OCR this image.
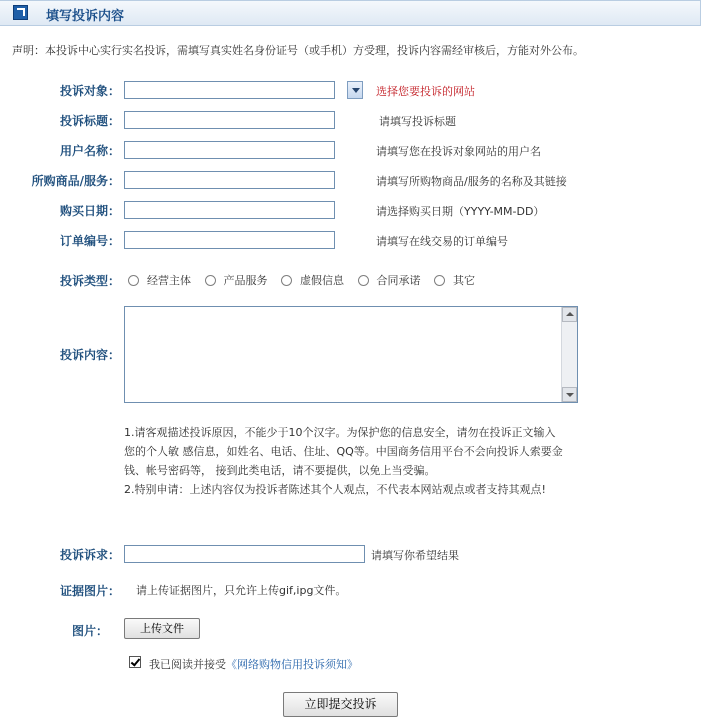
填写投诉内容
声明：本投诉中心实行实名投诉，需填写真实姓名身份证号（或手机）方受理，投诉内容需经审核后，方能对外公布。
投诉对象：	选择您要投诉的网站
投诉标题：	请填写投诉标题
用户名称：	请填写您在投诉对象网站的用户名
所购商品/服务：	请填写所购物商品/服务的名称及其链接
购买日期：	请选择购买日期（YYYY-MM-DD）
订单编号：	请填写在线交易的订单编号
投诉类型：	经营主体	产品服务	虚假信息	合同承诺	其它
投诉内容：

1.请客观描述投诉原因，不能少于10个汉字。为保护您的信息安全，请勿在投诉正文输入您的个人敏 感信息，如姓名、电话、住址、QQ等。中国商务信用平台不会向投诉人索要金钱、帐号密码等， 接到此类电话，请不要提供，以免上当受骗。

2.特别申请：上述内容仅为投诉者陈述其个人观点，不代表本网站观点或者支持其观点!

投诉诉求：	请填写你希望结果
证据图片： 请上传证据图片，只允许上传gif,ipg文件。
图片：	上传文件
我已阅读并接受《网络购物信用投诉须知》
立即提交投诉
